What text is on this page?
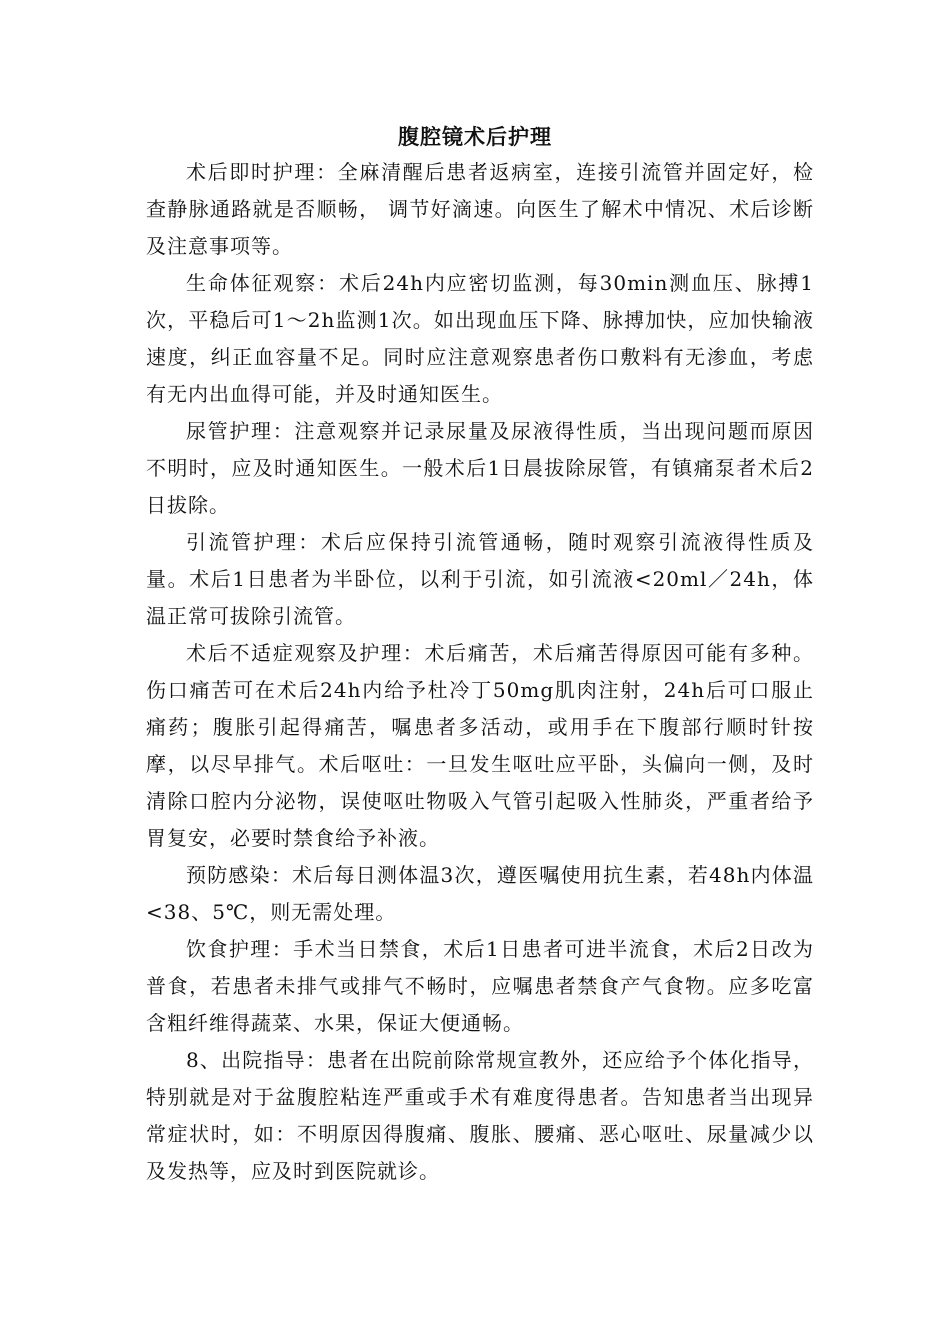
腹腔镜术后护理

术后即时护理：全麻清醒后患者返病室，连接引流管并固定好，检查静脉通路就是否顺畅， 调节好滴速。向医生了解术中情况、术后诊断及注意事项等。

生命体征观察：术后24h内应密切监测，每30min测血压、脉搏1次，平稳后可1～2h监测1次。如出现血压下降、脉搏加快，应加快输液速度，纠正血容量不足。同时应注意观察患者伤口敷料有无渗血，考虑有无内出血得可能，并及时通知医生。

尿管护理：注意观察并记录尿量及尿液得性质，当出现问题而原因不明时，应及时通知医生。一般术后1日晨拔除尿管，有镇痛泵者术后2日拔除。

引流管护理：术后应保持引流管通畅，随时观察引流液得性质及量。术后1日患者为半卧位，以利于引流，如引流液<20ml／24h，体温正常可拔除引流管。

术后不适症观察及护理：术后痛苦，术后痛苦得原因可能有多种。伤口痛苦可在术后24h内给予杜冷丁50mg肌肉注射，24h后可口服止痛药；腹胀引起得痛苦，嘱患者多活动，或用手在下腹部行顺时针按摩，以尽早排气。术后呕吐：一旦发生呕吐应平卧，头偏向一侧，及时清除口腔内分泌物，误使呕吐物吸入气管引起吸入性肺炎，严重者给予胃复安，必要时禁食给予补液。

预防感染：术后每日测体温3次，遵医嘱使用抗生素，若48h内体温<38、5℃，则无需处理。

饮食护理：手术当日禁食，术后1日患者可进半流食，术后2日改为普食，若患者未排气或排气不畅时，应嘱患者禁食产气食物。应多吃富含粗纤维得蔬菜、水果，保证大便通畅。

8、出院指导：患者在出院前除常规宣教外，还应给予个体化指导，特别就是对于盆腹腔粘连严重或手术有难度得患者。告知患者当出现异常症状时，如：不明原因得腹痛、腹胀、腰痛、恶心呕吐、尿量减少以及发热等，应及时到医院就诊。
